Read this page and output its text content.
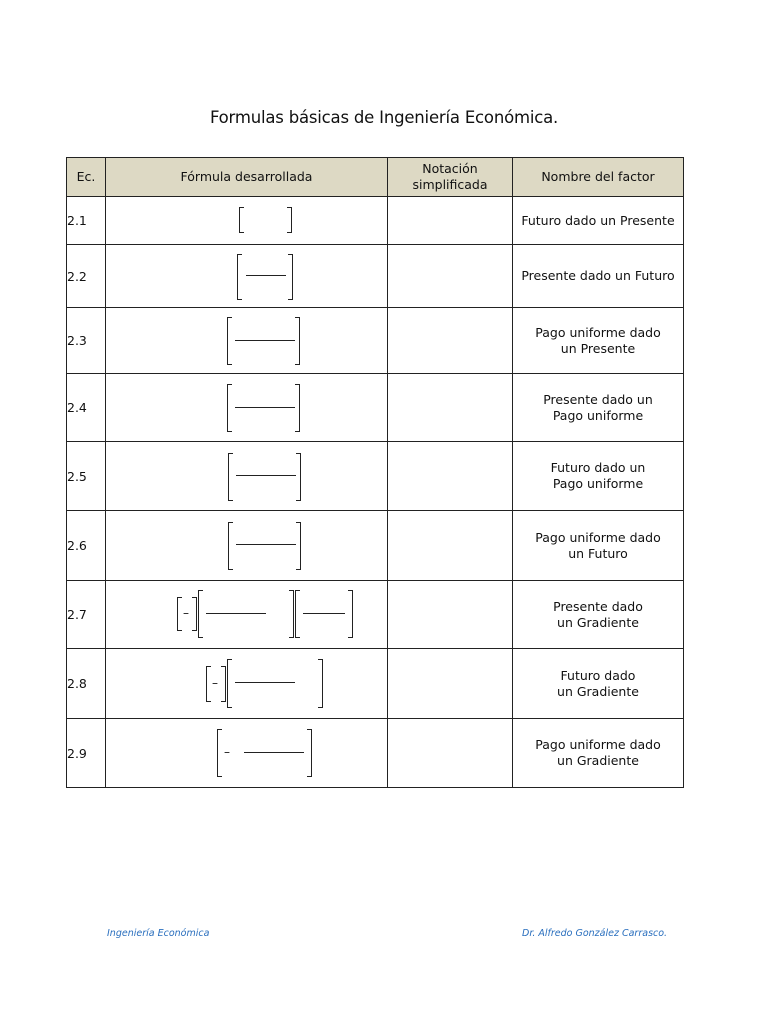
Formulas básicas de Ingeniería Económica.
Ec.	Fórmula desarrollada	Notación
simplificada	Nombre del factor
2.1			Futuro dado un Presente
2.2			Presente dado un Futuro
2.3			Pago uniforme dado
un Presente
2.4			Presente dado un
Pago uniforme
2.5			Futuro dado un
Pago uniforme
2.6			Pago uniforme dado
un Futuro
2.7	–		Presente dado
un Gradiente
2.8	–		Futuro dado
un Gradiente
2.9	–		Pago uniforme dado
un Gradiente
Ingeniería Económica	Dr. Alfredo González Carrasco.
